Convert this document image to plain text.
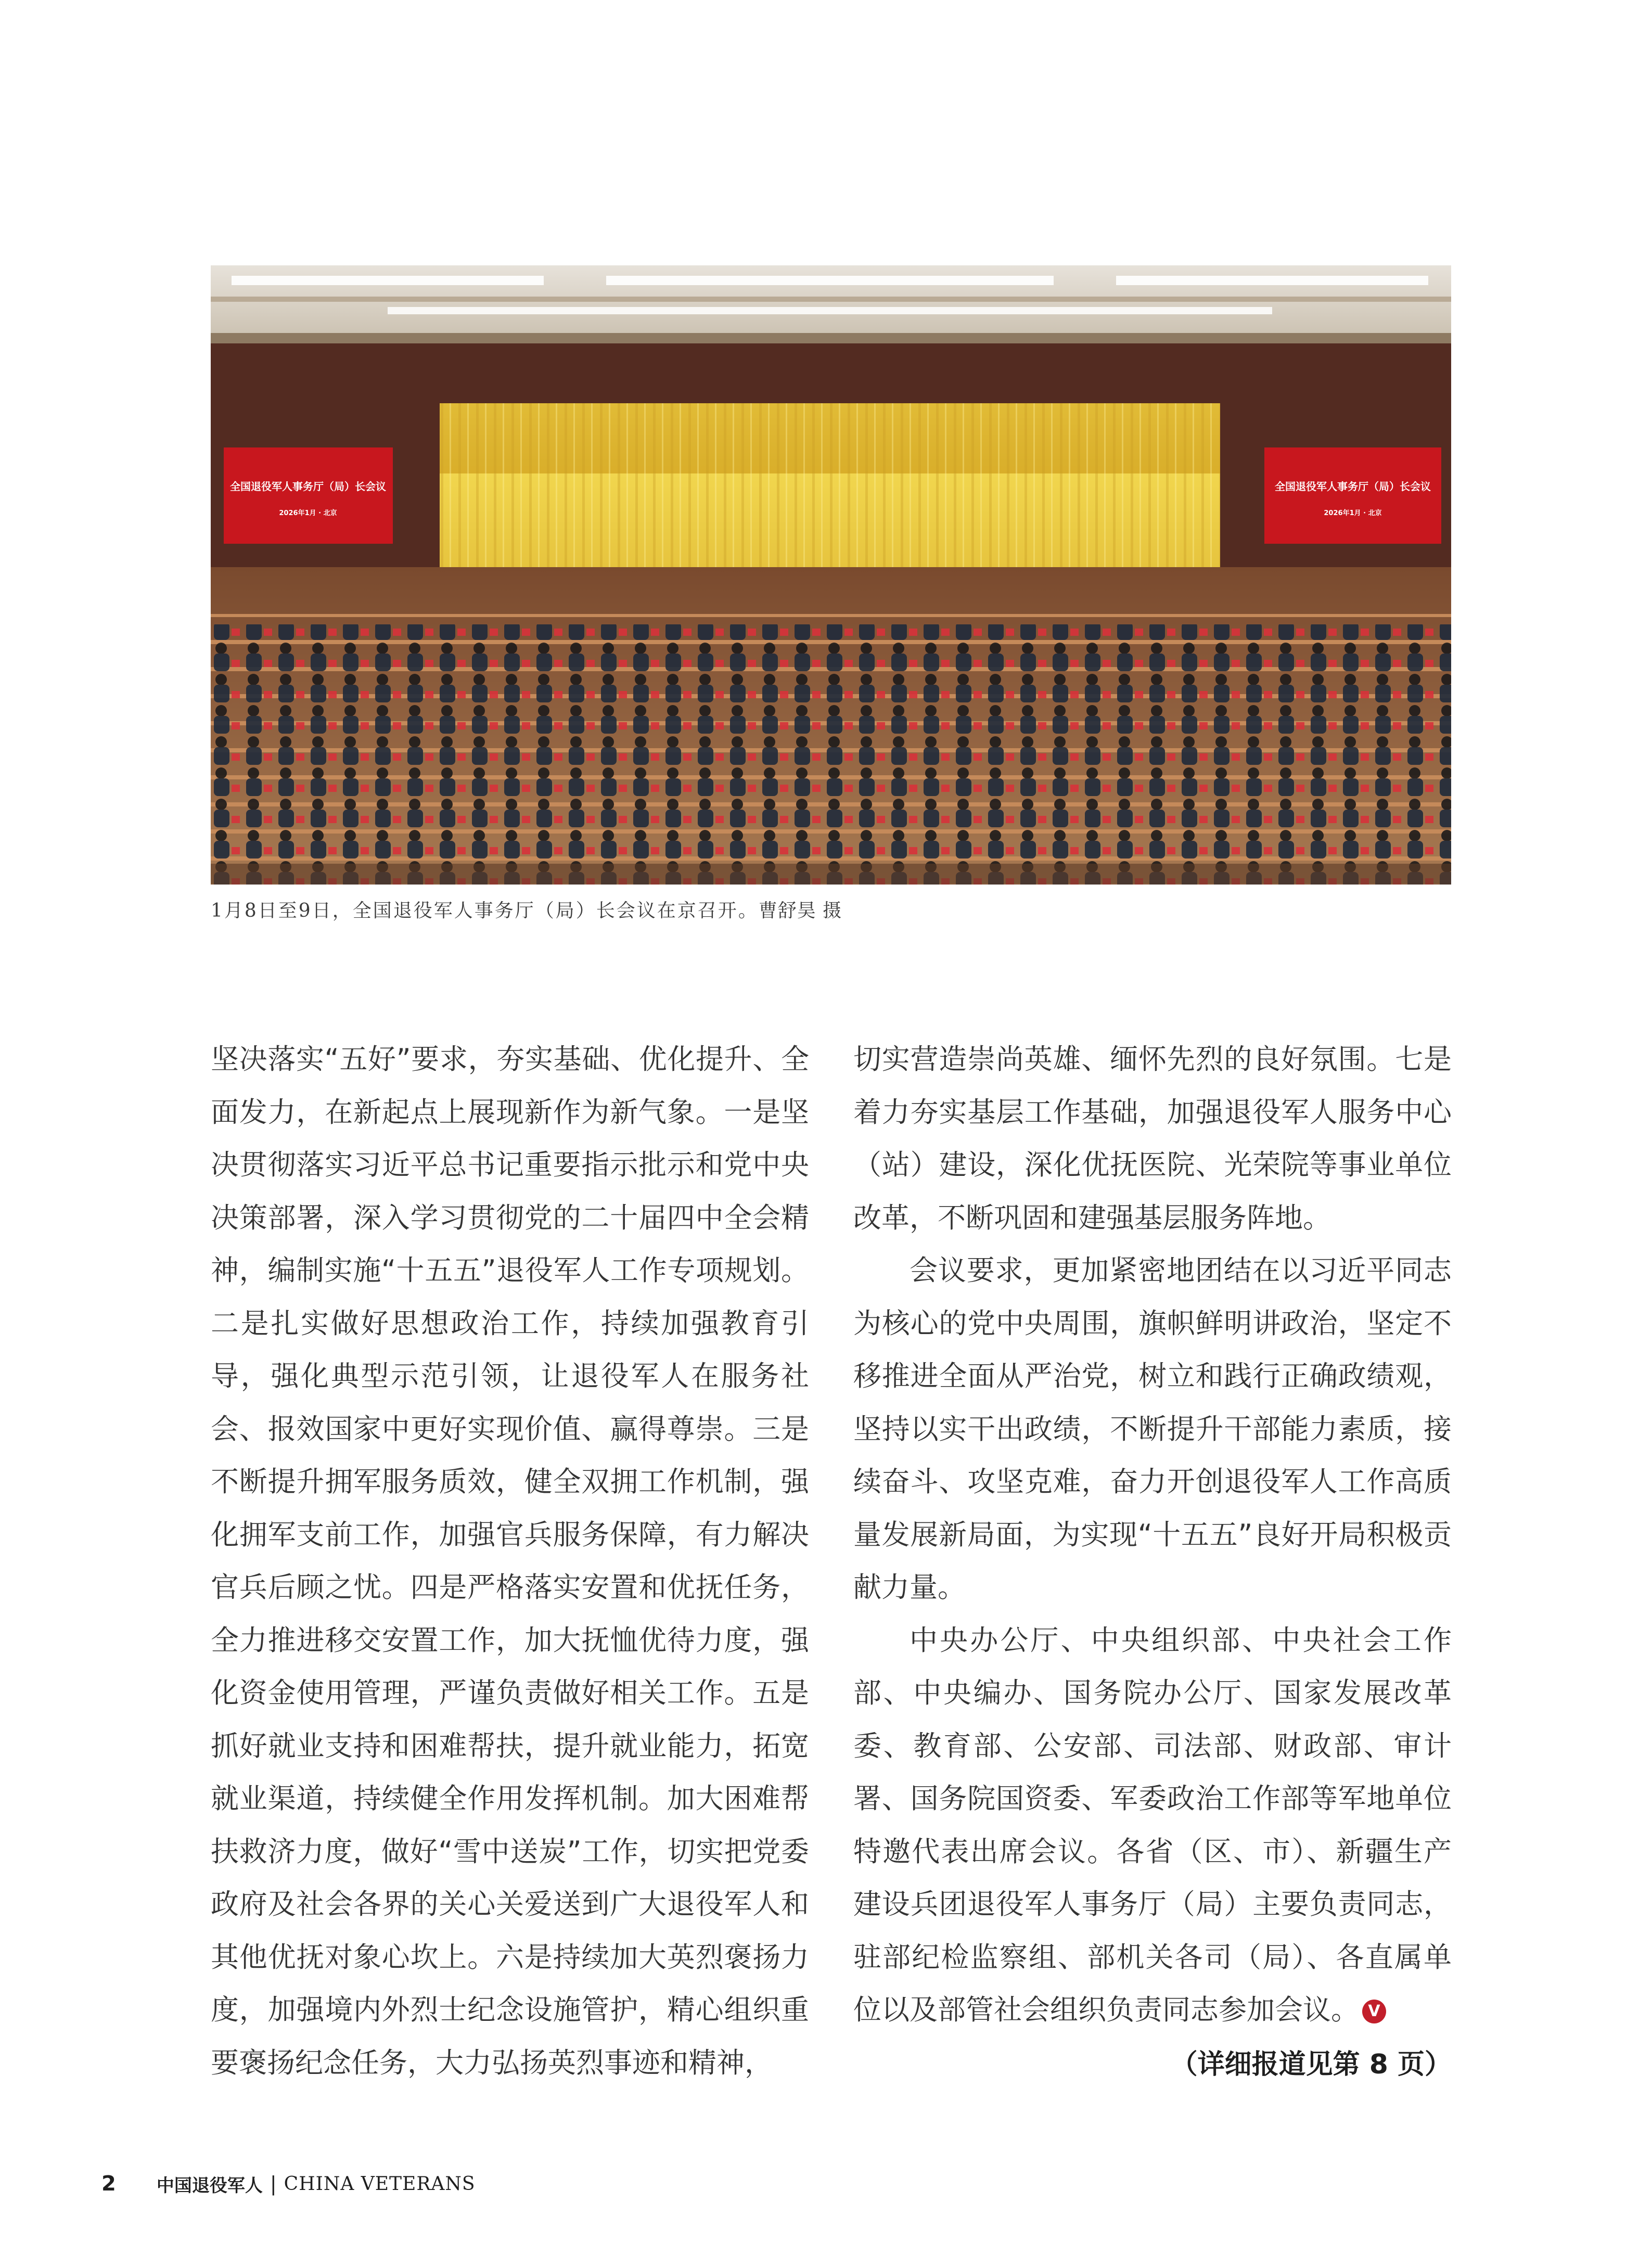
全国退役军人事务厅（局）长会议
2026年1月 · 北京
全国退役军人事务厅（局）长会议
2026年1月 · 北京
1月8日至9日，全国退役军人事务厅（局）长会议在京召开。曹舒昊 摄

坚决落实“五好”要求，夯实基础、优化提升、全面发力，在新起点上展现新作为新气象。一是坚决贯彻落实习近平总书记重要指示批示和党中央决策部署，深入学习贯彻党的二十届四中全会精神，编制实施“十五五”退役军人工作专项规划。二是扎实做好思想政治工作，持续加强教育引导，强化典型示范引领，让退役军人在服务社会、报效国家中更好实现价值、赢得尊崇。三是不断提升拥军服务质效，健全双拥工作机制，强化拥军支前工作，加强官兵服务保障，有力解决官兵后顾之忧。四是严格落实安置和优抚任务，全力推进移交安置工作，加大抚恤优待力度，强化资金使用管理，严谨负责做好相关工作。五是抓好就业支持和困难帮扶，提升就业能力，拓宽就业渠道，持续健全作用发挥机制。加大困难帮扶救济力度，做好“雪中送炭”工作，切实把党委政府及社会各界的关心关爱送到广大退役军人和其他优抚对象心坎上。六是持续加大英烈褒扬力度，加强境内外烈士纪念设施管护，精心组织重要褒扬纪念任务，大力弘扬英烈事迹和精神，

切实营造崇尚英雄、缅怀先烈的良好氛围。七是着力夯实基层工作基础，加强退役军人服务中心（站）建设，深化优抚医院、光荣院等事业单位改革，不断巩固和建强基层服务阵地。

会议要求，更加紧密地团结在以习近平同志为核心的党中央周围，旗帜鲜明讲政治，坚定不移推进全面从严治党，树立和践行正确政绩观，坚持以实干出政绩，不断提升干部能力素质，接续奋斗、攻坚克难，奋力开创退役军人工作高质量发展新局面，为实现“十五五”良好开局积极贡献力量。

中央办公厅、中央组织部、中央社会工作部、中央编办、国务院办公厅、国家发展改革委、教育部、公安部、司法部、财政部、审计署、国务院国资委、军委政治工作部等军地单位特邀代表出席会议。各省（区、市）、新疆生产建设兵团退役军人事务厅（局）主要负责同志，驻部纪检监察组、部机关各司（局）、各直属单位以及部管社会组织负责同志参加会议。 V

（详细报道见第 8 页）
2 中国退役军人 | CHINA VETERANS
